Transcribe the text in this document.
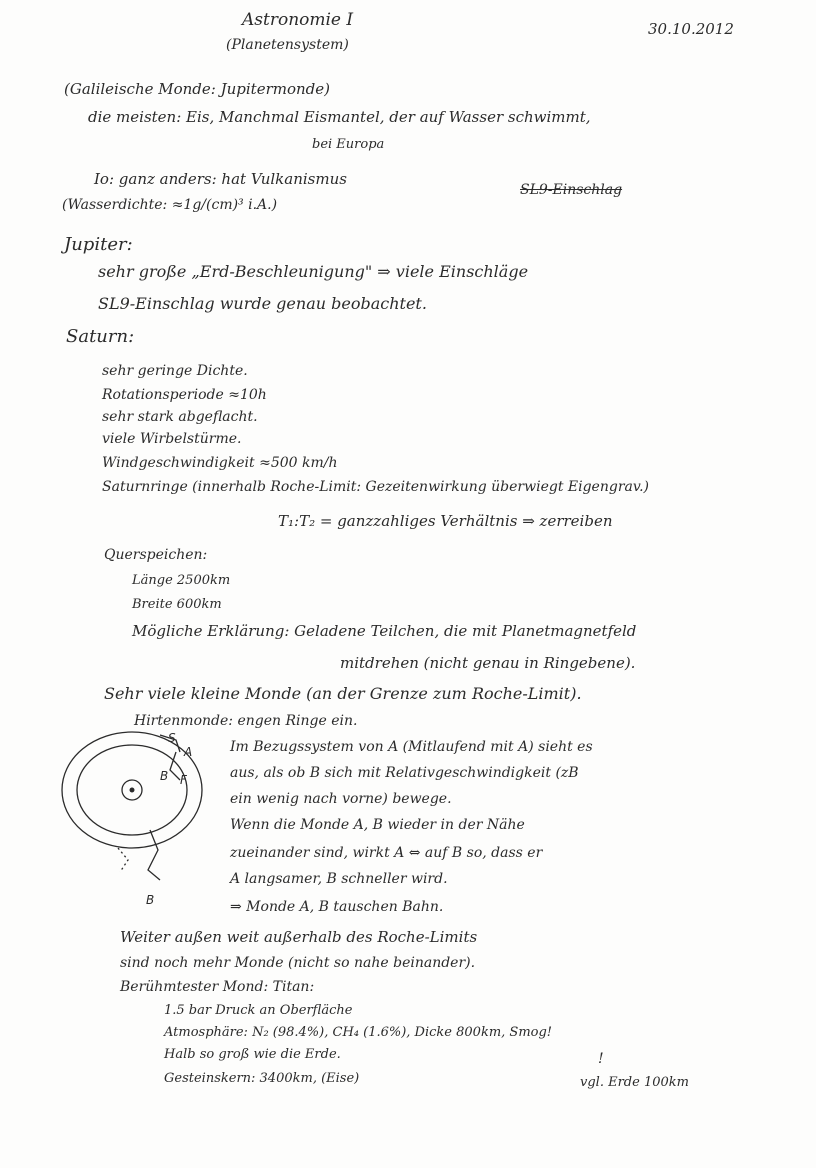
Astronomie I
(Planetensystem)
30.10.2012
(Galileische Monde: Jupitermonde)
die meisten: Eis, Manchmal Eismantel, der auf Wasser schwimmt,
bei Europa
Io: ganz anders: hat Vulkanismus
SL9-Einschlag
(Wasserdichte: ≈1g/(cm)³ i.A.)
Jupiter:
sehr große „Erd-Beschleunigung" ⇒ viele Einschläge
SL9-Einschlag wurde genau beobachtet.
Saturn:
sehr geringe Dichte.
Rotationsperiode ≈10h
sehr stark abgeflacht.
viele Wirbelstürme.
Windgeschwindigkeit ≈500 km/h
Saturnringe (innerhalb Roche-Limit: Gezeitenwirkung überwiegt Eigengrav.)
T₁:T₂ = ganzzahliges Verhältnis ⇒ zerreiben
Querspeichen:
Länge 2500km
Breite 600km
Mögliche Erklärung: Geladene Teilchen, die mit Planetmagnetfeld
mitdrehen (nicht genau in Ringebene).
Sehr viele kleine Monde (an der Grenze zum Roche-Limit).
Hirtenmonde: engen Ringe ein.
A
B F
S
B
Im Bezugssystem von A (Mitlaufend mit A) sieht es
aus, als ob B sich mit Relativgeschwindigkeit (zB
ein wenig nach vorne) bewege.
Wenn die Monde A, B wieder in der Nähe
zueinander sind, wirkt A ⇔ auf B so, dass er
A langsamer, B schneller wird.
⇒ Monde A, B tauschen Bahn.
Weiter außen weit außerhalb des Roche-Limits
sind noch mehr Monde (nicht so nahe beinander).
Berühmtester Mond: Titan:
1.5 bar Druck an Oberfläche
Atmosphäre: N₂ (98.4%), CH₄ (1.6%), Dicke 800km, Smog!
Halb so groß wie die Erde.
Gesteinskern: 3400km, (Eise)
!
vgl. Erde 100km
